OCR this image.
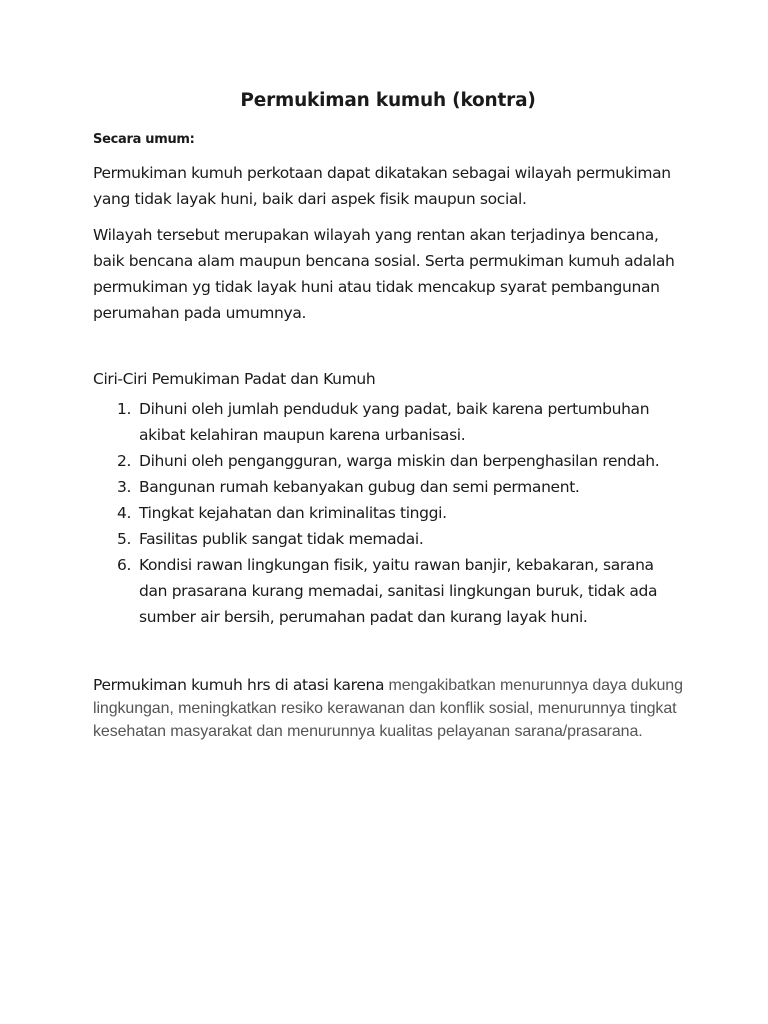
Permukiman kumuh (kontra)
Secara umum:

Permukiman kumuh perkotaan dapat dikatakan sebagai wilayah permukiman yang tidak layak huni, baik dari aspek fisik maupun social.

Wilayah tersebut merupakan wilayah yang rentan akan terjadinya bencana, baik bencana alam maupun bencana sosial. Serta permukiman kumuh adalah permukiman yg tidak layak huni atau tidak mencakup syarat pembangunan perumahan pada umumnya.

Ciri-Ciri Pemukiman Padat dan Kumuh
1. Dihuni oleh jumlah penduduk yang padat, baik karena pertumbuhan akibat kelahiran maupun karena urbanisasi.
2. Dihuni oleh pengangguran, warga miskin dan berpenghasilan rendah.
3. Bangunan rumah kebanyakan gubug dan semi permanent.
4. Tingkat kejahatan dan kriminalitas tinggi.
5. Fasilitas publik sangat tidak memadai.
6. Kondisi rawan lingkungan fisik, yaitu rawan banjir, kebakaran, sarana dan prasarana kurang memadai, sanitasi lingkungan buruk, tidak ada sumber air bersih, perumahan padat dan kurang layak huni.

Permukiman kumuh hrs di atasi karena mengakibatkan menurunnya daya dukung lingkungan, meningkatkan resiko kerawanan dan konflik sosial, menurunnya tingkat kesehatan masyarakat dan menurunnya kualitas pelayanan sarana/prasarana.
